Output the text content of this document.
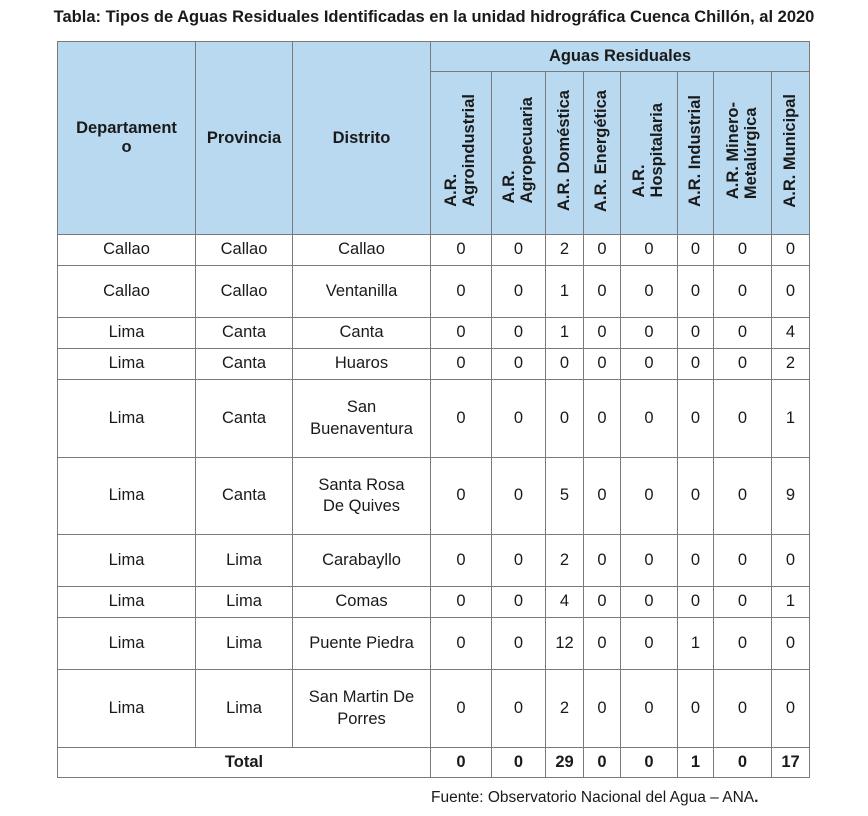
Tabla: Tipos de Aguas Residuales Identificadas en la unidad hidrográfica Cuenca Chillón, al 2020
Departament
o	Provincia	Distrito	Aguas Residuales							
			A.R.
Agroindustrial	A.R.
Agropecuaria	A.R. Doméstica	A.R. Energética	A.R.
Hospitalaria	A.R. Industrial	A.R. Minero-
Metalúrgica	A.R. Municipal
Callao	Callao	Callao	0	0	2	0	0	0	0	0
Callao	Callao	Ventanilla	0	0	1	0	0	0	0	0
Lima	Canta	Canta	0	0	1	0	0	0	0	4
Lima	Canta	Huaros	0	0	0	0	0	0	0	2
Lima	Canta	San
Buenaventura	0	0	0	0	0	0	0	1
Lima	Canta	Santa Rosa
De Quives	0	0	5	0	0	0	0	9
Lima	Lima	Carabayllo	0	0	2	0	0	0	0	0
Lima	Lima	Comas	0	0	4	0	0	0	0	1
Lima	Lima	Puente Piedra	0	0	12	0	0	1	0	0
Lima	Lima	San Martin De
Porres	0	0	2	0	0	0	0	0
Total			0	0	29	0	0	1	0	17
Fuente: Observatorio Nacional del Agua – ANA.
